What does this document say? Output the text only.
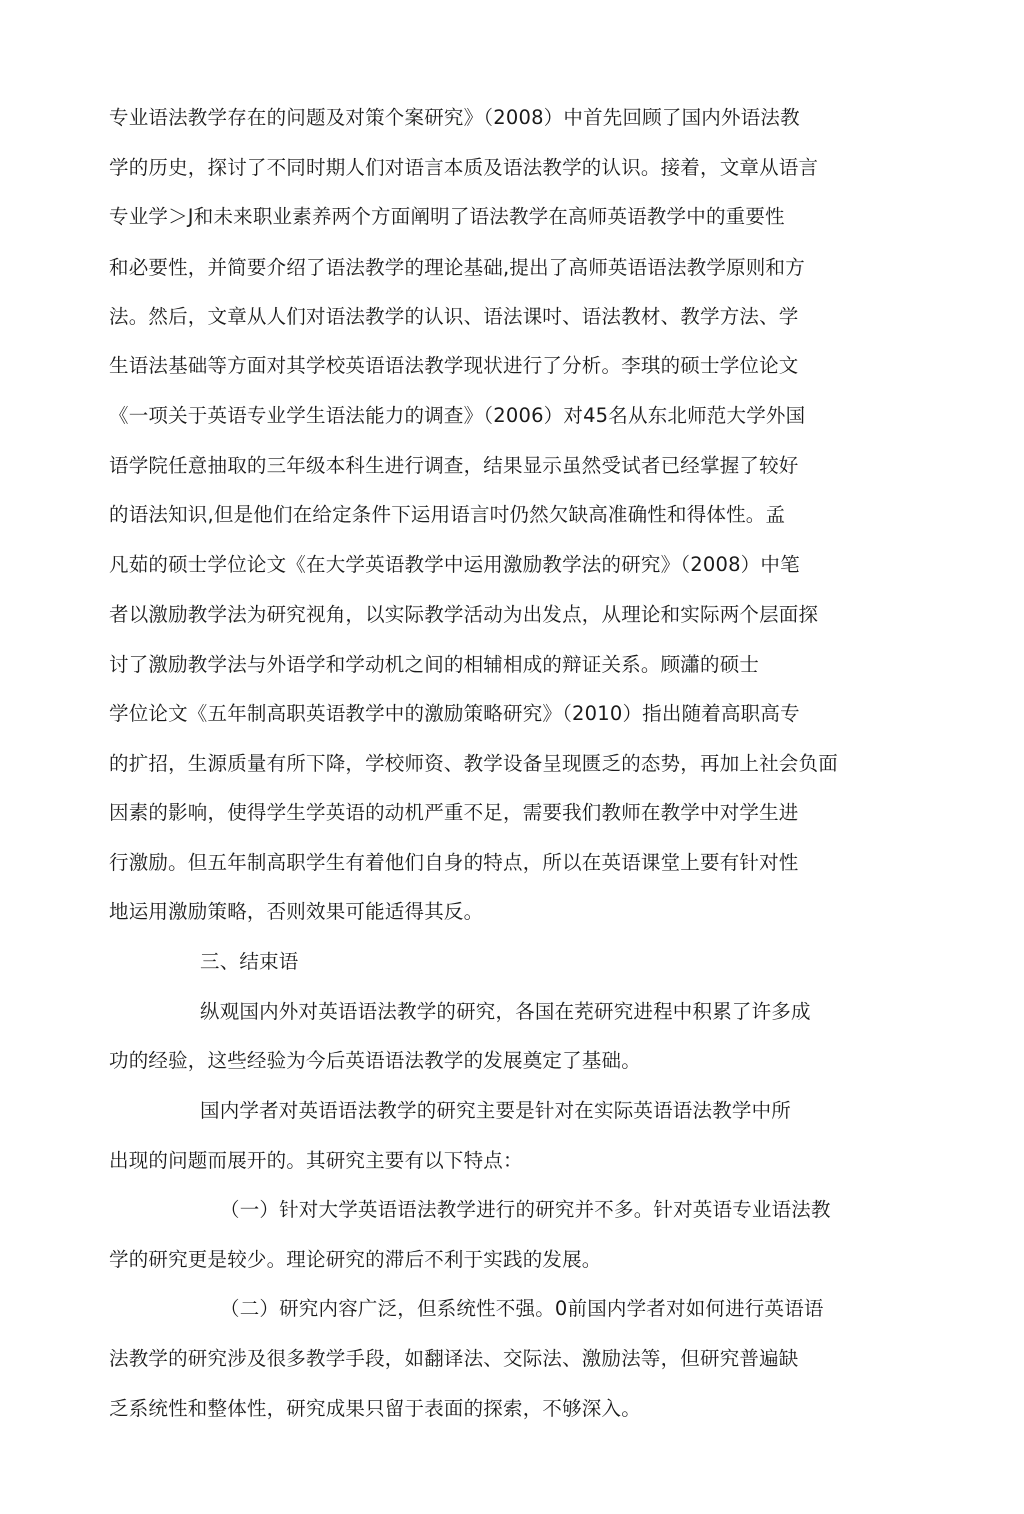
专业语法教学存在的问题及对策个案研究》（2008）中首先回顾了国内外语法教
学的历史，探讨了不同时期人们对语言本质及语法教学的认识。接着，文章从语言
专业学＞J和未来职业素养两个方面阐明了语法教学在高师英语教学中的重要性
和必要性，并简要介绍了语法教学的理论基础,提出了高师英语语法教学原则和方
法。然后，文章从人们对语法教学的认识、语法课吋、语法教材、教学方法、学
生语法基础等方面对其学校英语语法教学现状进行了分析。李琪的硕士学位论文
《一项关于英语专业学生语法能力的调查》（2006）对45名从东北师范大学外国
语学院任意抽取的三年级本科生进行调查，结果显示虽然受试者已经掌握了较好
的语法知识,但是他们在给定条件下运用语言吋仍然欠缺高准确性和得体性。孟
凡茹的硕士学位论文《在大学英语教学中运用激励教学法的研究》（2008）中笔
者以激励教学法为研究视角，以实际教学活动为出发点，从理论和实际两个层面探
讨了激励教学法与外语学和学动机之间的相辅相成的辩证关系。顾瀟的硕士
学位论文《五年制高职英语教学中的激励策略研究》（2010）指出随着高职高专
的扩招，生源质量有所下降，学校师资、教学设备呈现匮乏的态势，再加上社会负面
因素的影响，使得学生学英语的动机严重不足，需要我们教师在教学中对学生进
行激励。但五年制高职学生有着他们自身的特点，所以在英语课堂上要有针对性
地运用激励策略，否则效果可能适得其反。
三、结束语
纵观国内外对英语语法教学的研究，各国在茺研究进程中积累了许多成
功的经验，这些经验为今后英语语法教学的发展奠定了基础。
国内学者对英语语法教学的研究主要是针对在实际英语语法教学中所
出现的问题而展开的。其研究主要有以下特点：
（一）针对大学英语语法教学进行的研究并不多。针对英语专业语法教
学的研究更是较少。理论研究的滞后不利于实践的发展。
（二）研究内容广泛，但系统性不强。0前国内学者对如何进行英语语
法教学的研究涉及很多教学手段，如翻译法、交际法、激励法等，但研究普遍缺
乏系统性和整体性，研究成果只留于表面的探索，不够深入。
